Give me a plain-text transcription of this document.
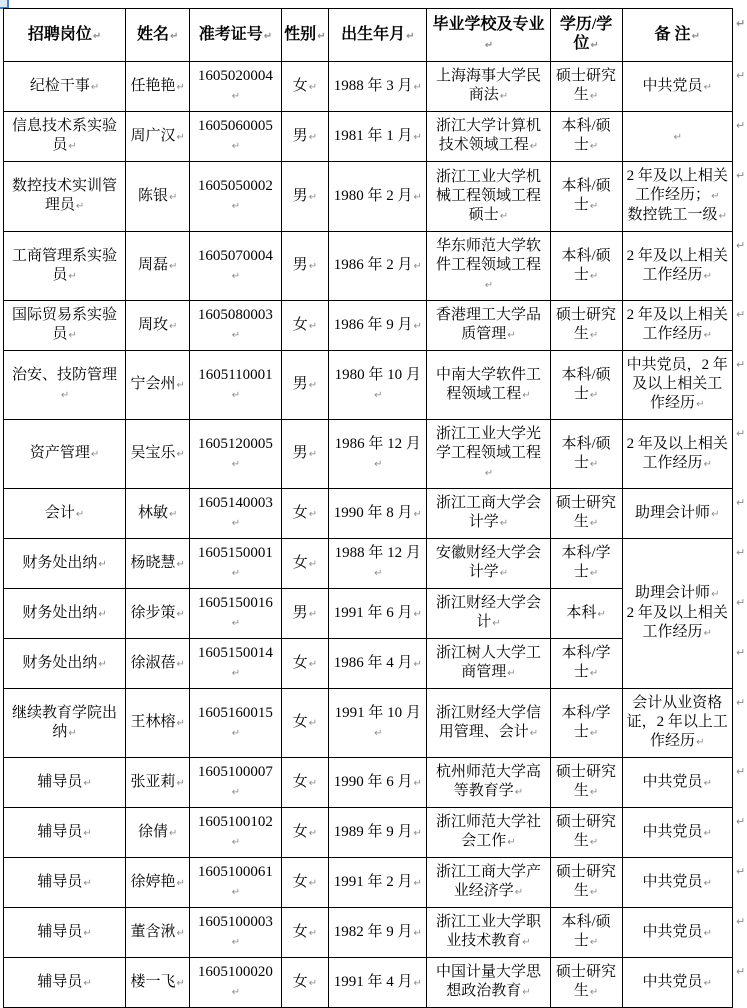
招聘岗位↵	姓名↵	准考证号↵	性别↵	出生年月↵	毕业学校及专业↵	学历/学位↵	备 注↵	↵
纪检干事↵	任艳艳↵	1605020004↵	女↵	1988 年 3 月↵	上海海事大学民商法↵	硕士研究生↵	中共党员↵	↵
信息技术系实验员↵	周广汉↵	1605060005↵	男↵	1981 年 1 月↵	浙江大学计算机技术领域工程↵	本科/硕士↵	↵	↵
数控技术实训管理员↵	陈银↵	1605050002↵	男↵	1980 年 2 月↵	浙江工业大学机械工程领域工程硕士↵	本科/硕士↵	2 年及以上相关工作经历；↵
数控铣工一级↵	↵
工商管理系实验员↵	周磊↵	1605070004↵	男↵	1986 年 2 月↵	华东师范大学软件工程领域工程↵	本科/硕士↵	2 年及以上相关工作经历↵	↵
国际贸易系实验员↵	周玫↵	1605080003↵	女↵	1986 年 9 月↵	香港理工大学品质管理↵	硕士研究生↵	2 年及以上相关工作经历↵	↵
治安、技防管理↵	宁会州↵	1605110001↵	男↵	1980 年 10 月↵	中南大学软件工程领域工程↵	本科/硕士↵	中共党员，2 年及以上相关工作经历↵	↵
资产管理↵	吴宝乐↵	1605120005↵	男↵	1986 年 12 月↵	浙江工业大学光学工程领域工程↵	本科/硕士↵	2 年及以上相关工作经历↵	↵
会计↵	林敏↵	1605140003↵	女↵	1990 年 8 月↵	浙江工商大学会计学↵	硕士研究生↵	助理会计师↵	↵
财务处出纳↵	杨晓慧↵	1605150001↵	女↵	1988 年 12 月↵	安徽财经大学会计学↵	本科/学士↵	助理会计师↵
2 年及以上相关工作经历↵	↵
财务处出纳↵	徐步策↵	1605150016↵	男↵	1991 年 6 月↵	浙江财经大学会计↵	本科↵		↵
财务处出纳↵	徐淑蓓↵	1605150014↵	女↵	1986 年 4 月↵	浙江树人大学工商管理↵	本科/学士↵		↵
继续教育学院出纳↵	王林榕↵	1605160015↵	女↵	1991 年 10 月↵	浙江财经大学信用管理、会计↵	本科/学士↵	会计从业资格证，2 年以上工作经历↵	↵
辅导员↵	张亚莉↵	1605100007↵	女↵	1990 年 6 月↵	杭州师范大学高等教育学↵	硕士研究生↵	中共党员↵	↵
辅导员↵	徐倩↵	1605100102↵	女↵	1989 年 9 月↵	浙江师范大学社会工作↵	硕士研究生↵	中共党员↵	↵
辅导员↵	徐婷艳↵	1605100061↵	女↵	1991 年 2 月↵	浙江工商大学产业经济学↵	硕士研究生↵	中共党员↵	↵
辅导员↵	董含湫↵	1605100003↵	女↵	1982 年 9 月↵	浙江工业大学职业技术教育↵	本科/硕士↵	中共党员↵	↵
辅导员↵	楼一飞↵	1605100020↵	女↵	1991 年 4 月↵	中国计量大学思想政治教育↵	硕士研究生↵	中共党员↵	↵
